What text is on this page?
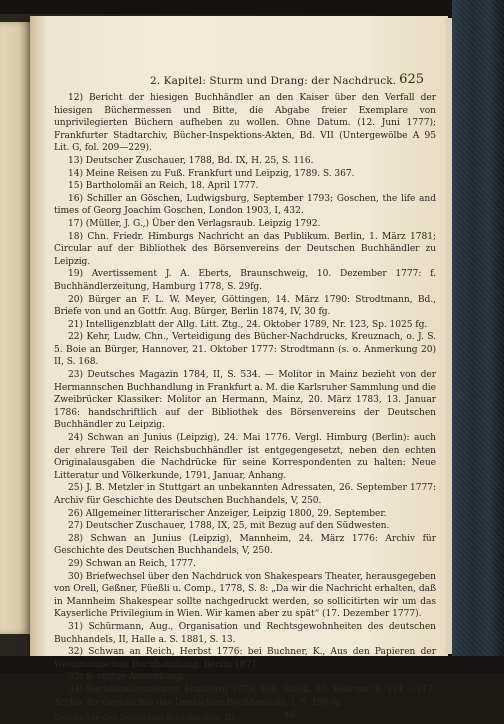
2. Kapitel: Sturm und Drang: der Nachdruck. 625

12) Bericht der hiesigen Buchhändler an den Kaiser über den Verfall der hiesigen Büchermessen und Bitte, die Abgabe freier Exemplare von unprivilegierten Büchern aufheben zu wollen. Ohne Datum. (12. Juni 1777); Frankfurter Stadtarchiv, Bücher-Inspektions-Akten, Bd. VII (Untergewölbe A 95 Lit. G, fol. 209—229).

13) Deutscher Zuschauer, 1788, Bd. IX, H. 25, S. 116.

14) Meine Reisen zu Fuß. Frankfurt und Leipzig, 1789. S. 367.

15) Bartholomäi an Reich, 18. April 1777.

16) Schiller an Göschen, Ludwigsburg, September 1793; Goschen, the life and times of Georg Joachim Goschen, London 1903, I, 432.

17) (Müller, J. G.,) Über den Verlagsraub. Leipzig 1792.

18) Chn. Friedr. Himburgs Nachricht an das Publikum. Berlin, 1. März 1781; Circular auf der Bibliothek des Börsenvereins der Deutschen Buchhändler zu Leipzig.

19) Avertissement J. A. Eberts, Braunschweig, 10. Dezember 1777: f. Buchhändlerzeitung, Hamburg 1778, S. 29fg.

20) Bürger an F. L. W. Meyer, Göttingen, 14. März 1790: Strodtmann, Bd., Briefe von und an Gottfr. Aug. Bürger, Berlin 1874, IV, 30 fg.

21) Intelligenzblatt der Allg. Litt. Ztg., 24. Oktober 1789, Nr. 123, Sp. 1025 fg.

22) Kehr, Ludw. Chn., Verteidigung des Bücher-Nachdrucks, Kreuznach, o. J. S. 5. Boie an Bürger, Hannover, 21. Oktober 1777: Strodtmann (s. o. Anmerkung 20) II, S. 168.

23) Deutsches Magazin 1784, II, S. 534. — Molitor in Mainz bezieht von der Hermannschen Buchhandlung in Frankfurt a. M. die Karlsruher Sammlung und die Zweibrücker Klassiker: Molitor an Hermann, Mainz, 20. März 1783, 13. Januar 1786: handschriftlich auf der Bibliothek des Börsenvereins der Deutschen Buchhändler zu Leipzig.

24) Schwan an Junius (Leipzig), 24. Mai 1776. Vergl. Himburg (Berlin): auch der ehrere Teil der Reichsbuchhändler ist entgegengesetzt, neben den echten Originalausgaben die Nachdrücke für seine Korrespondenten zu halten: Neue Litteratur und Völkerkunde, 1791, Januar, Anhang.

25) J. B. Metzler in Stuttgart an unbekannten Adressaten, 26. September 1777: Archiv für Geschichte des Deutschen Buchhandels, V, 250.

26) Allgemeiner litterarischer Anzeiger, Leipzig 1800, 29. September.

27) Deutscher Zuschauer, 1788, IX, 25, mit Bezug auf den Südwesten.

28) Schwan an Junius (Leipzig), Mannheim, 24. März 1776: Archiv für Geschichte des Deutschen Buchhandels, V, 250.

29) Schwan an Reich, 1777.

30) Briefwechsel über den Nachdruck von Shakespears Theater, herausgegeben von Orell, Geßner, Füeßli u. Comp., 1778, S. 8: „Da wir die Nachricht erhalten, daß in Mannheim Shakespear sollte nachgedruckt werden, so sollicitirten wir um das Kayserliche Privilegium in Wien. Wir kamen aber zu spät“ (17. Dezember 1777).

31) Schürmann, Aug., Organisation und Rechtsgewohnheiten des deutschen Buchhandels, II, Halle a. S. 1881, S. 13.

32) Schwan an Reich, Herbst 1776: bei Buchner, K., Aus den Papieren der Weidmannschen Buchhandlung, Berlin 1871.

33) S. vorige Anmerkung.

34) Buchhändlerzeitung, Hamburg 1779, VIII. Stück, 25. Februar, S. 111 —117. Archiv für Geschichte des Deutschen Buchhandels, I, S. 198 fg.

Geschichte des Deutschen Buchhandels. III.	40
